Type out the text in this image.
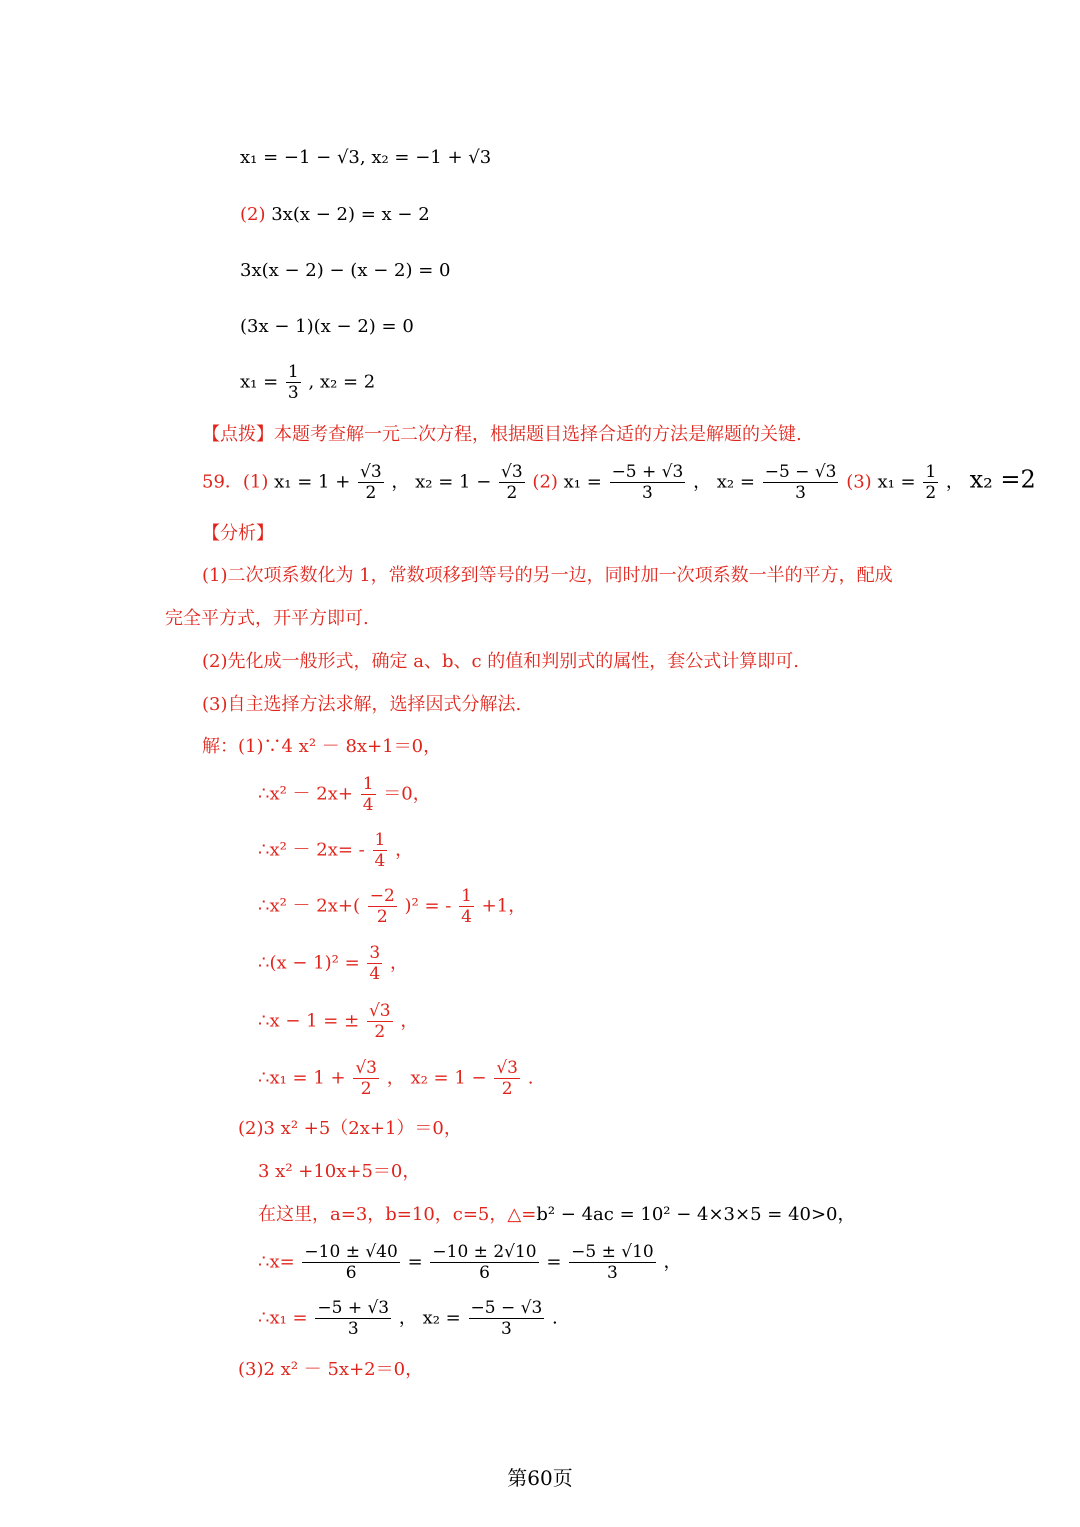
x₁ = −1 − √3, x₂ = −1 + √3
(2) 3x(x − 2) = x − 2
3x(x − 2) − (x − 2) = 0
(3x − 1)(x − 2) = 0
$x_1 = \frac{1}{3}$ , x₂ = 2
【点拨】本题考查解一元二次方程，根据题目选择合适的方法是解题的关键.
59．(1) $x_1 = 1 + \frac{√3}{2}$ ， $x_2 = 1 - \frac{√3}{2} (2) x_1 = \frac{-5 + √3}{3}$ ， $x_2 = \frac{-5 - √3}{3} (3) x_1 = \frac{1}{2}$ ， x₂ =2
【分析】
(1)二次项系数化为 1，常数项移到等号的另一边，同时加一次项系数一半的平方，配成
完全平方式，开平方即可.
(2)先化成一般形式，确定 a、b、c 的值和判别式的属性，套公式计算即可.
(3)自主选择方法求解，选择因式分解法.
解：(1)∵4 x² － 8x+1＝0，
∴x² － $2x+ \frac{1}{4} =0$，
∴x² － $2x= - \frac{1}{4}$ ，
∴x² － $2x+( \frac{-2}{2} )^2$ = - $\frac{1}{4} +1$，
∴(x − $1)^2 = \frac{3}{4}$ ，
∴x − 1 = ± $\frac{√3}{2}$ ，
∴x₁ = $1 + \frac{√3}{2}$ ， $x_2 = 1 - \frac{√3}{2}$ .
(2)3 x² +5（2x+1）＝0，
3 x² +10x+5＝0，
在这里，a=3，b=10，c=5，△=b² − 4ac = 10² − 4×3×5 = 40>0，
∴x= $\frac{-10 \pm √40}{6} = \frac{-10 \pm 2√10}{6} = \frac{-5 \pm √10}{3}$ ，
∴x₁ = $\frac{-5 + √3}{3}$ ， $x_2 = \frac{-5 - √3}{3}$ .
(3)2 x² － 5x+2＝0，
第60页
